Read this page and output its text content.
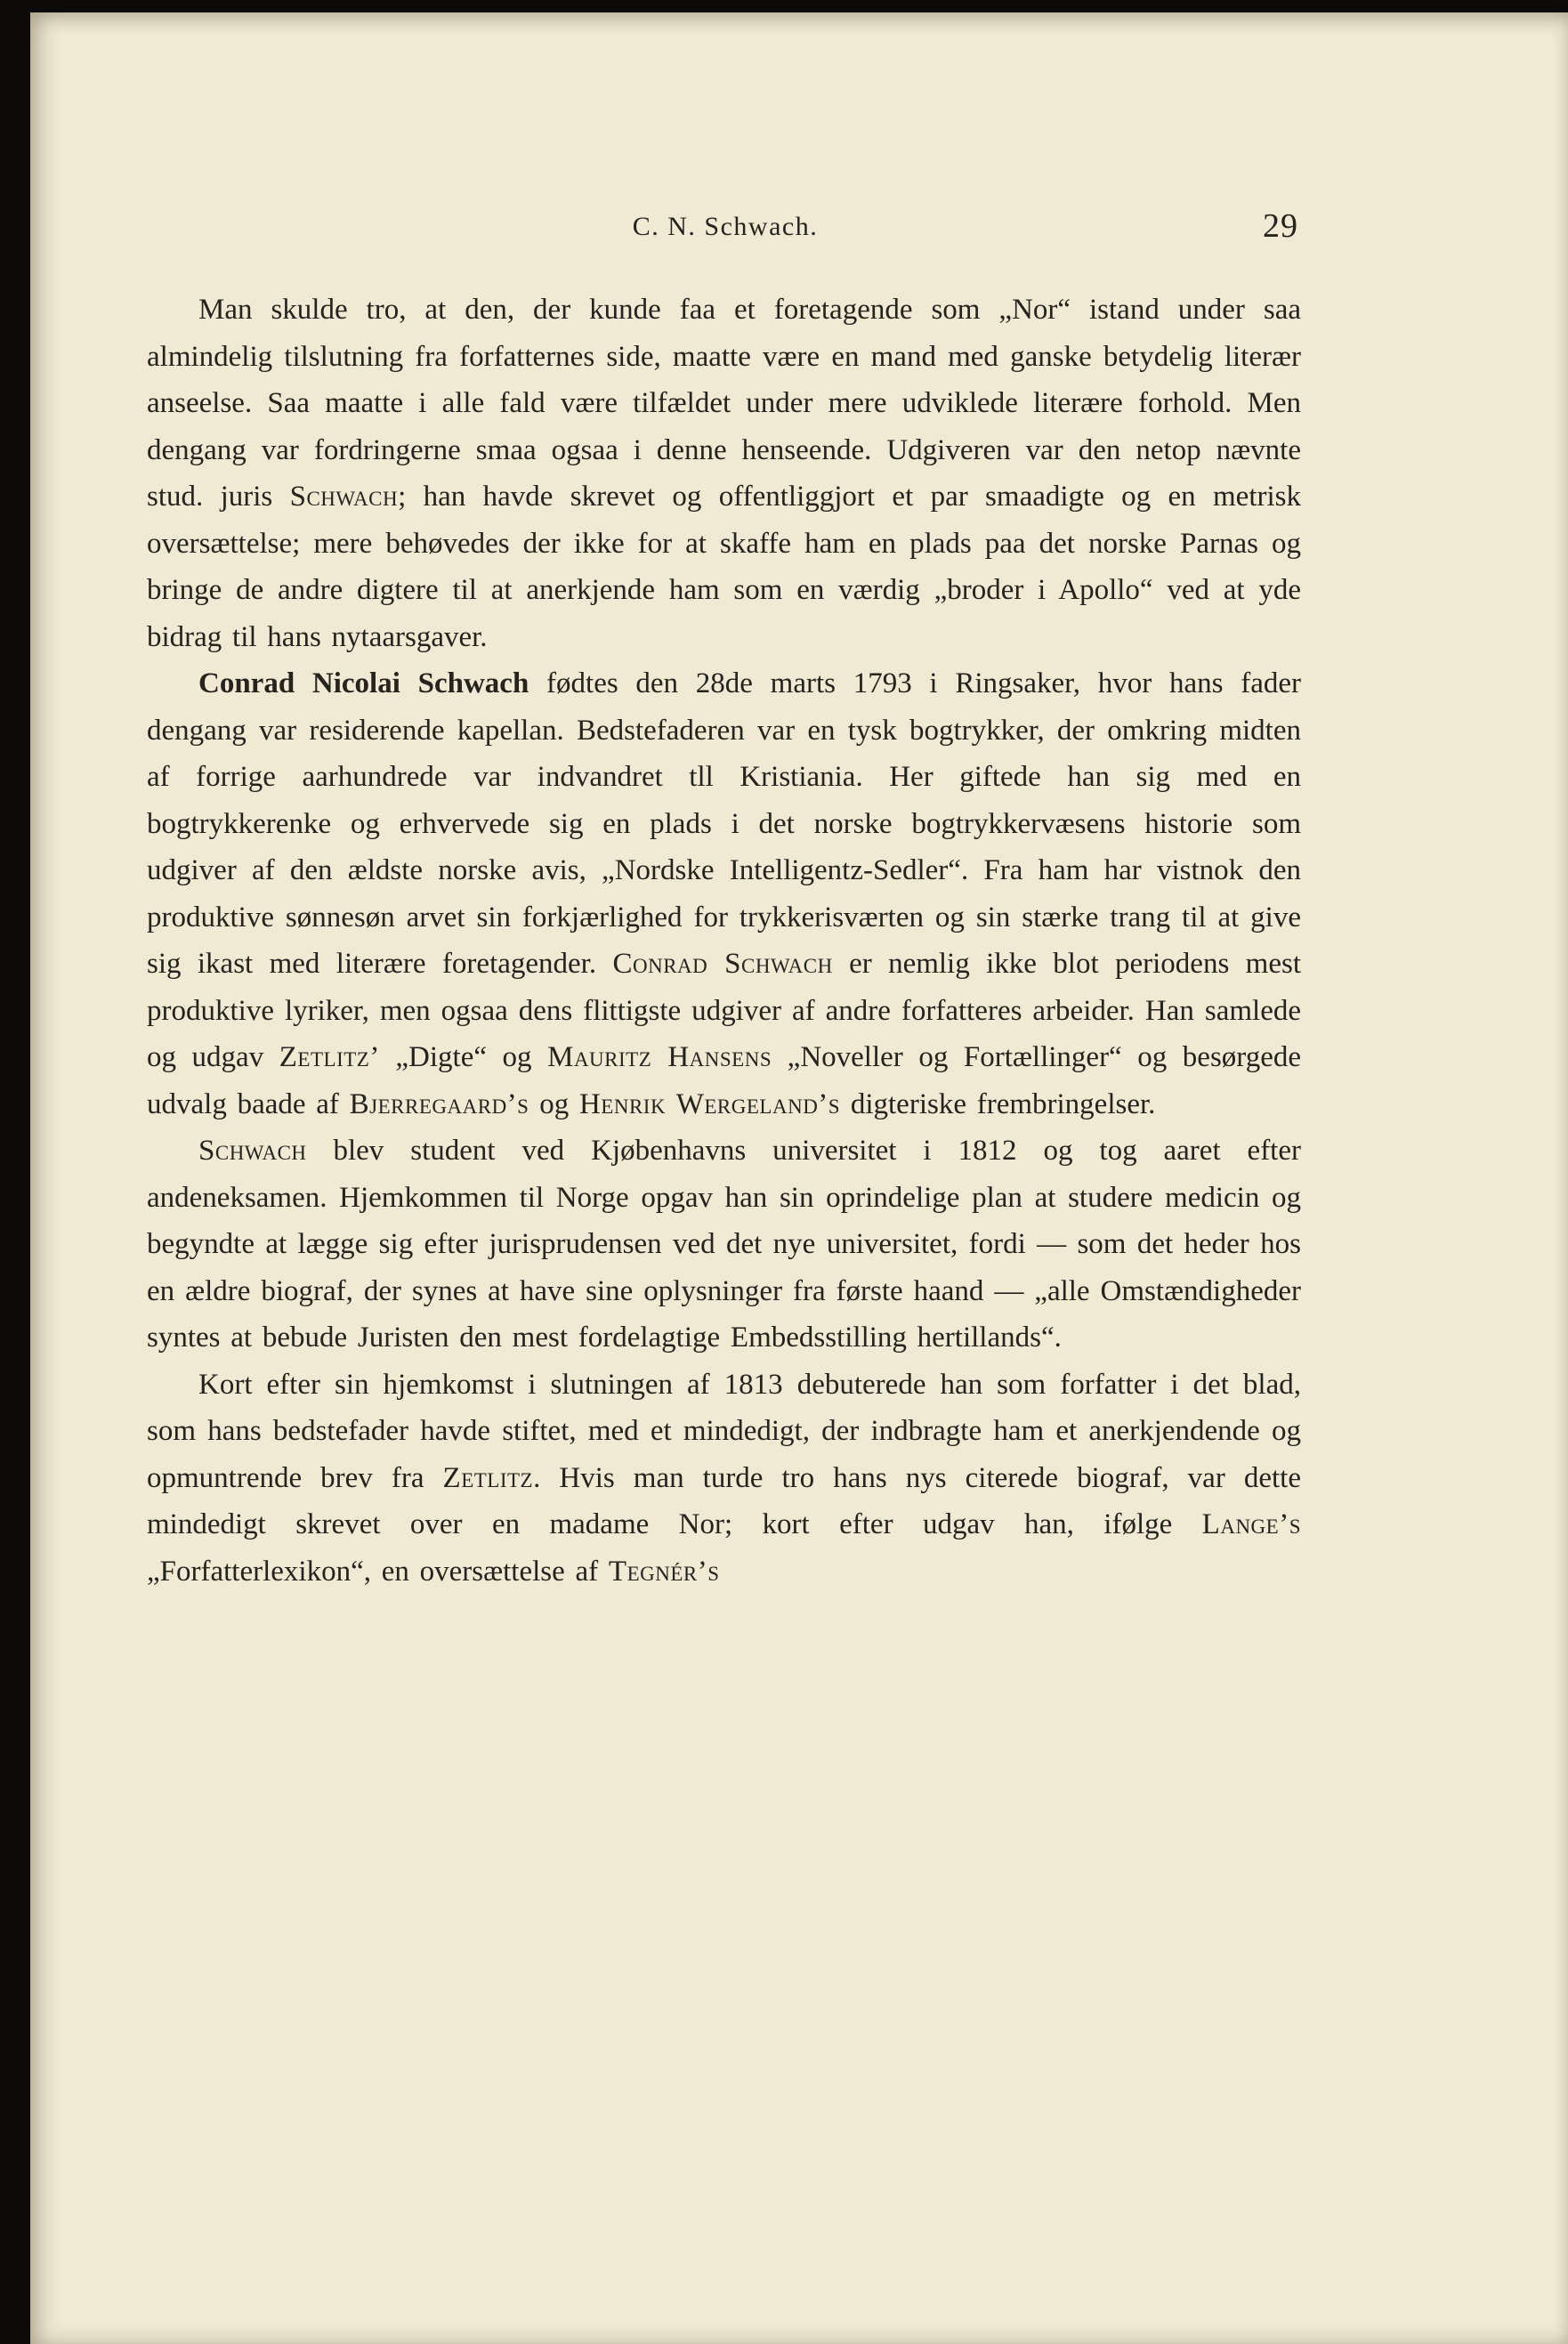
C. N. Schwach.	29

Man skulde tro, at den, der kunde faa et foretagende som „Nor“ istand under saa almindelig tilslutning fra forfatternes side, maatte være en mand med ganske betydelig literær anseelse. Saa maatte i alle fald være tilfældet under mere udviklede literære forhold. Men dengang var fordringerne smaa ogsaa i denne henseende. Udgiveren var den netop nævnte stud. juris Schwach; han havde skrevet og offentliggjort et par smaadigte og en metrisk oversættelse; mere behøvedes der ikke for at skaffe ham en plads paa det norske Parnas og bringe de andre digtere til at anerkjende ham som en værdig „broder i Apollo“ ved at yde bidrag til hans nytaarsgaver.

Conrad Nicolai Schwach fødtes den 28de marts 1793 i Ringsaker, hvor hans fader dengang var residerende kapellan. Bedstefaderen var en tysk bogtrykker, der omkring midten af forrige aarhundrede var indvandret tll Kristiania. Her giftede han sig med en bogtrykkerenke og erhvervede sig en plads i det norske bogtrykkervæsens historie som udgiver af den ældste norske avis, „Nordske Intelligentz-Sedler“. Fra ham har vistnok den produktive sønnesøn arvet sin forkjærlighed for trykkerisværten og sin stærke trang til at give sig ikast med literære foretagender. Conrad Schwach er nemlig ikke blot periodens mest produktive lyriker, men ogsaa dens flittigste udgiver af andre forfatteres arbeider. Han samlede og udgav Zetlitz’ „Digte“ og Mauritz Hansens „Noveller og Fortællinger“ og besørgede udvalg baade af Bjerregaard’s og Henrik Wergeland’s digteriske frembringelser.

Schwach blev student ved Kjøbenhavns universitet i 1812 og tog aaret efter andeneksamen. Hjemkommen til Norge opgav han sin oprindelige plan at studere medicin og begyndte at lægge sig efter jurisprudensen ved det nye universitet, fordi — som det heder hos en ældre biograf, der synes at have sine oplysninger fra første haand — „alle Omstændigheder syntes at bebude Juristen den mest fordelagtige Embedsstilling hertillands“.

Kort efter sin hjemkomst i slutningen af 1813 debuterede han som forfatter i det blad, som hans bedstefader havde stiftet, med et mindedigt, der indbragte ham et anerkjendende og opmuntrende brev fra Zetlitz. Hvis man turde tro hans nys citerede biograf, var dette mindedigt skrevet over en madame Nor; kort efter udgav han, ifølge Lange’s „Forfatterlexikon“, en oversættelse af Tegnér’s
